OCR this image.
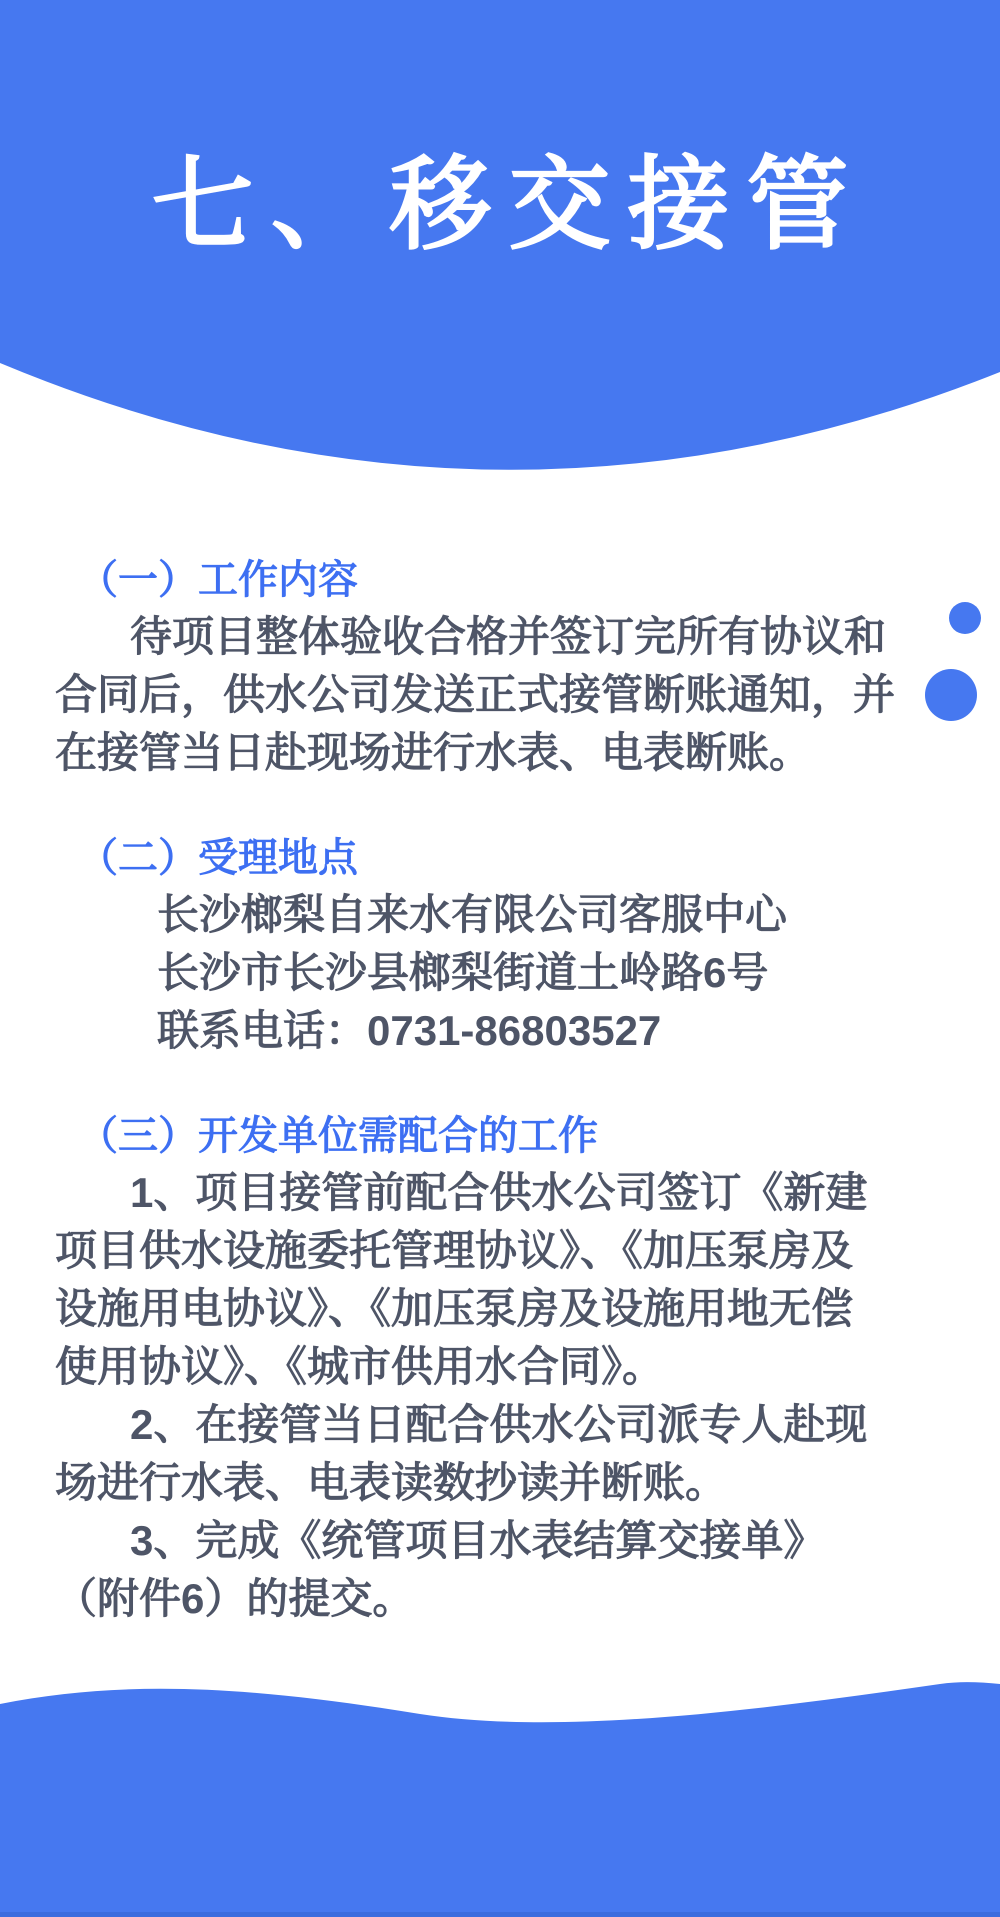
七、移交接管
（一）工作内容

待项目整体验收合格并签订完所有协议和

合同后，供水公司发送正式接管断账通知，并

在接管当日赴现场进行水表、电表断账。

（二）受理地点

长沙榔梨自来水有限公司客服中心

长沙市长沙县榔梨街道土岭路6号

联系电话：0731-86803527

（三）开发单位需配合的工作

1、项目接管前配合供水公司签订《新建

项目供水设施委托管理协议》、《加压泵房及

设施用电协议》、《加压泵房及设施用地无偿

使用协议》、《城市供用水合同》。

2、在接管当日配合供水公司派专人赴现

场进行水表、电表读数抄读并断账。

3、完成《统管项目水表结算交接单》

（附件6）的提交。
